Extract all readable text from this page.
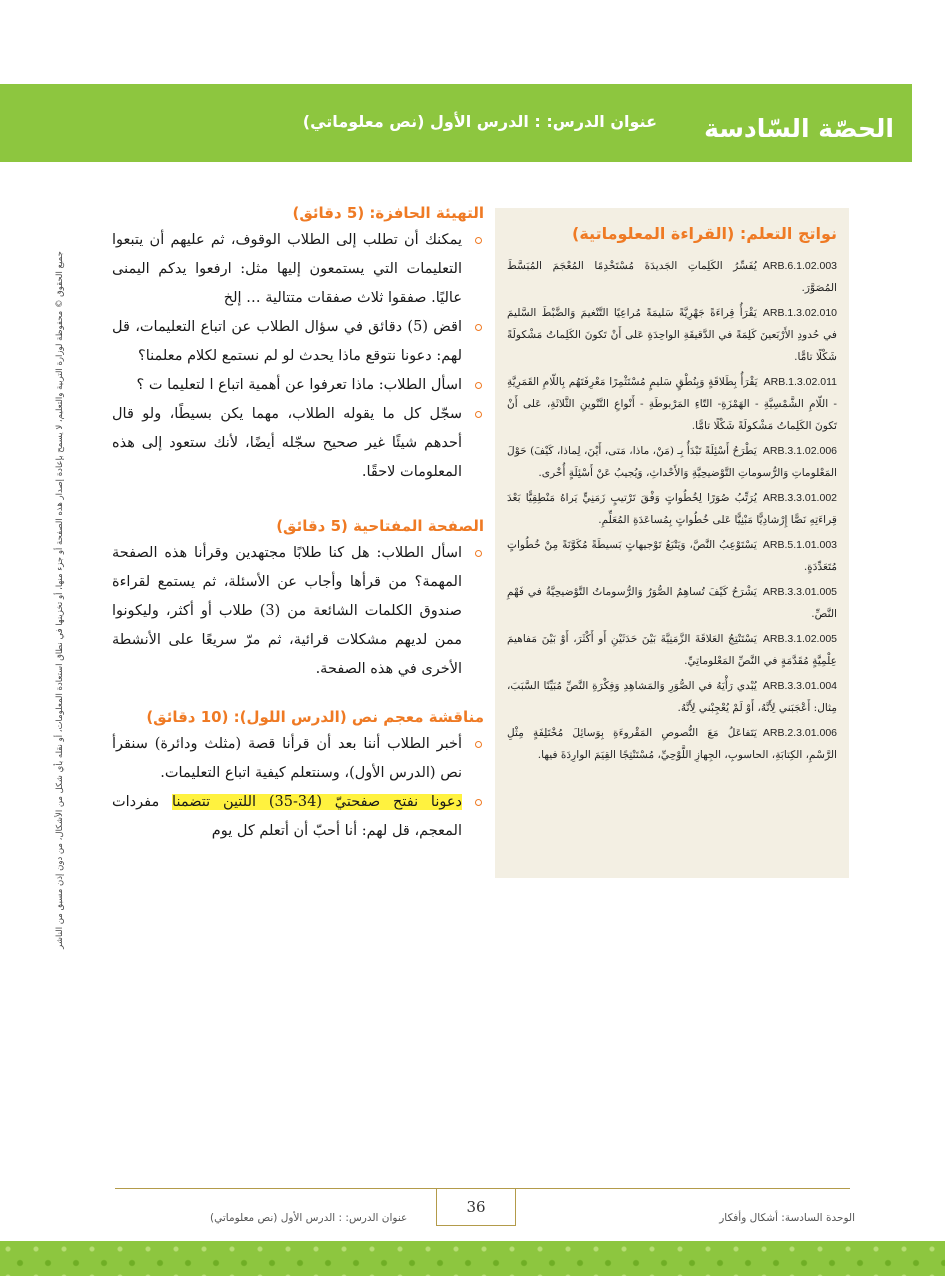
الحصّة السّادسة
عنوان الدرس: : الدرس الأول (نص معلوماتي)
جميع الحقوق © محفوظة لوزارة التربية والتعليم، لا يسمح بإعادة إصدار هذه الصفحة أو جزء منها، أو تخزينها في نطاق استعادة المعلومات، أو نقله بأي شكل من الأشكال، من دون إذن مسبق من الناشر
نواتج التعلم: (القراءة المعلوماتية)
ARB.6.1.02.003يُفَسِّرُ الكَلِماتِ الجَديدَةَ مُسْتَخْدِمًا المُعْجَمَ المُبَسَّطَ المُصَوَّرَ.
ARB.1.3.02.010يَقْرَأُ قِراءَةً جَهْرِيَّةً سَليمَةً مُراعِيًا التَّنْغيمَ وَالضَّبْطَ السَّليمَ في حُدودِ الأَرْبَعينَ كَلِمَةً في الدَّقيقَةِ الواحِدَةِ عَلى أَنْ تَكونَ الكَلِماتُ مَشْكولَةً شَكْلًا تامًّا.
ARB.1.3.02.011يَقْرَأُ بِطَلاقَةٍ وَبِنُطْقٍ سَليمٍ مُسْتَثْمِرًا مَعْرِفَتَهُم بِاللّامِ القَمَرِيَّةِ - اللّامِ الشَّمْسِيَّةِ - الهَمْزَةِ- التّاءِ المَرْبوطَةِ - أَنْواعِ التَّنْوينِ الثَّلاثَةِ، عَلى أَنْ تَكونَ الكَلِماتُ مَشْكولَةً شَكْلًا تامًّا.
ARB.3.1.02.006يَطْرَحُ أَسْئِلَةً تَبْدَأُ بِـ (مَنْ، ماذا، مَتى، أَيْنَ، لِماذا، كَيْفَ) حَوْلَ المَعْلوماتِ وَالرُّسوماتِ التَّوْضيحِيَّةِ وَالأَحْداثِ، وَيُجيبُ عَنْ أَسْئِلَةٍ أُخْرى.
ARB.3.3.01.002يُرَتِّبُ صُوَرًا لِخُطُواتٍ وَفْقَ تَرْتيبٍ زَمَنِيٍّ يَراهُ مَنْطِقِيًّا بَعْدَ قِراءَتِهِ نَصًّا إِرْشادِيًّا مَبْنِيًّا عَلى خُطُواتٍ بِمُساعَدَةِ المُعَلِّمِ.
ARB.5.1.01.003يَسْتَوْعِبُ النَّصَّ، وَيَتْبَعُ تَوْجيهاتٍ بَسيطَةً مُكَوَّنَةً مِنْ خُطُواتٍ مُتَعَدِّدَةٍ.
ARB.3.3.01.005يَشْرَحُ كَيْفَ تُساهِمُ الصُّوَرُ وَالرُّسوماتُ التَّوْضيحِيَّةُ في فَهْمِ النَّصِّ.
ARB.3.1.02.005يَسْتَنْتِجُ العَلاقَةَ الزَّمَنِيَّةَ بَيْنَ حَدَثَيْنِ أَو أَكْثَرَ، أَوْ بَيْنَ مَفاهيمَ عِلْمِيَّةٍ مُقَدَّمَةٍ في النَّصِّ المَعْلوماتِيِّ.
ARB.3.3.01.004يُبْدي رَأْيَهُ في الصُّوَرِ وَالمَشاهِدِ وَفِكْرَةِ النَّصِّ مُبَيِّنًا السَّبَبَ، مِثال: أَعْجَبَني لِأَنَّهُ، أَوْ لَمْ يُعْجِبْني لِأَنَّهُ.
ARB.2.3.01.006يَتَفاعَلُ مَعَ النُّصوصِ المَقْروءَةِ بِوَسائِلَ مُخْتَلِفَةٍ مِثْلِ الرَّسْمِ، الكِتابَةِ، الحاسوبِ، الجِهازِ اللَّوْحِيِّ، مُسْتَنْتِجًا القِيَمَ الوارِدَةَ فيها.
التهيئة الحافزة: (5 دقائق)
يمكنك أن تطلب إلى الطلاب الوقوف، ثم عليهم أن يتبعوا التعليمات التي يستمعون إليها مثل: ارفعوا يدكم اليمنى عاليًا. صفقوا ثلاث صفقات متتالية … إلخ
اقض (5) دقائق في سؤال الطلاب عن اتباع التعليمات، قل لهم: دعونا نتوقع ماذا يحدث لو لم نستمع لكلام معلمنا؟
اسأل الطلاب: ماذا تعرفوا عن أهمية اتباع ا لتعليما ت ؟
سجّل كل ما يقوله الطلاب، مهما يكن بسيطًا، ولو قال أحدهم شيئًا غير صحيح سجّله أيضًا، لأنك ستعود إلى هذه المعلومات لاحقًا.
الصفحة المفتاحية (5 دقائق)
اسأل الطلاب: هل كنا طلابًا مجتهدين وقرأنا هذه الصفحة المهمة؟ من قرأها وأجاب عن الأسئلة، ثم يستمع لقراءة صندوق الكلمات الشائعة من (3) طلاب أو أكثر، وليكونوا ممن لديهم مشكلات قرائية، ثم مرّ سريعًا على الأنشطة الأخرى في هذه الصفحة.
مناقشة معجم نص (الدرس اللول): (10 دقائق)
أخبر الطلاب أننا بعد أن قرأنا قصة (مثلث ودائرة) سنقرأ نص (الدرس الأول)، وسنتعلم كيفية اتباع التعليمات.
دعونا نفتح صفحتيّ (34-35) اللتين تتضمنا مفردات المعجم، قل لهم: أنا أحبّ أن أتعلم كل يوم
36
عنوان الدرس: : الدرس الأول (نص معلوماتي)	الوحدة السادسة: أشكال وأفكار
